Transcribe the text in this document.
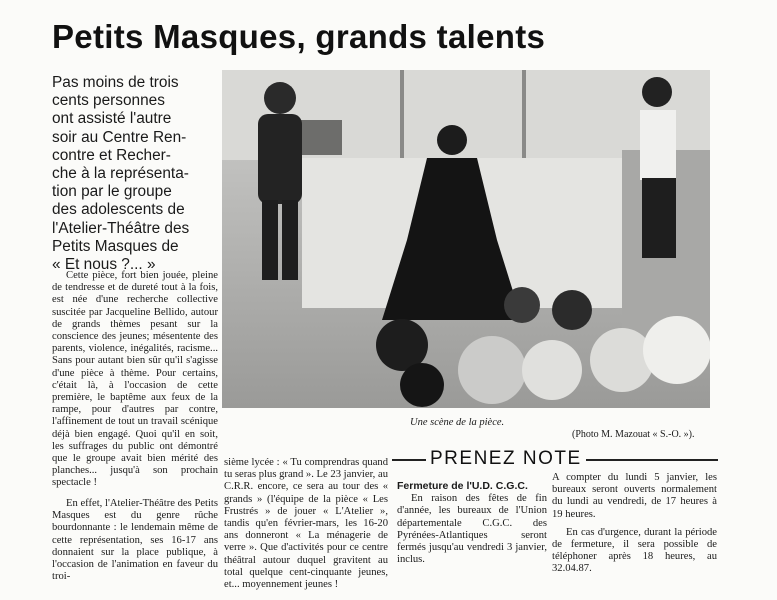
Petits Masques, grands talents
Pas moins de trois
cents personnes
ont assisté l'autre
soir au Centre Ren-
contre et Recher-
che à la représenta-
tion par le groupe
des adolescents de
l'Atelier-Théâtre des
Petits Masques de
« Et nous ?... »

Cette pièce, fort bien jouée, pleine de tendresse et de dureté tout à la fois, est née d'une recherche collective suscitée par Jacqueline Bellido, autour de grands thèmes pesant sur la conscience des jeunes; mésentente des parents, violence, inégalités, racisme... Sans pour autant bien sûr qu'il s'agisse d'une pièce à thème. Pour certains, c'était là, à l'occasion de cette première, le baptême aux feux de la rampe, pour d'autres par contre, l'affinement de tout un travail scénique déjà bien engagé. Quoi qu'il en soit, les suffrages du public ont démontré que le groupe avait bien mérité des planches... jusqu'à son prochain spectacle !

En effet, l'Atelier-Théâtre des Petits Masques est du genre rûche bourdonnante : le lendemain même de cette représentation, ses 16-17 ans donnaient sur la place publique, à l'occasion de l'animation en faveur du troi-

sième lycée : « Tu comprendras quand tu seras plus grand ». Le 23 janvier, au C.R.R. encore, ce sera au tour des « grands » (l'équipe de la pièce « Les Frustrés » de jouer « L'Atelier », tandis qu'en février-mars, les 16-20 ans donneront « La ménagerie de verre ». Que d'activités pour ce centre théâtral autour duquel gravitent au total quelque cent-cinquante jeunes, et... moyennement jeunes !

Une scène de la pièce.
(Photo M. Mazouat « S.-O. »).
PRENEZ NOTE

Fermeture de l'U.D. C.G.C.

En raison des fêtes de fin d'année, les bureaux de l'Union départementale C.G.C. des Pyrénées-Atlantiques seront fermés jusqu'au vendredi 3 janvier, inclus.

A compter du lundi 5 janvier, les bureaux seront ouverts normalement du lundi au vendredi, de 17 heures à 19 heures.

En cas d'urgence, durant la période de fermeture, il sera possible de téléphoner après 18 heures, au 32.04.87.
